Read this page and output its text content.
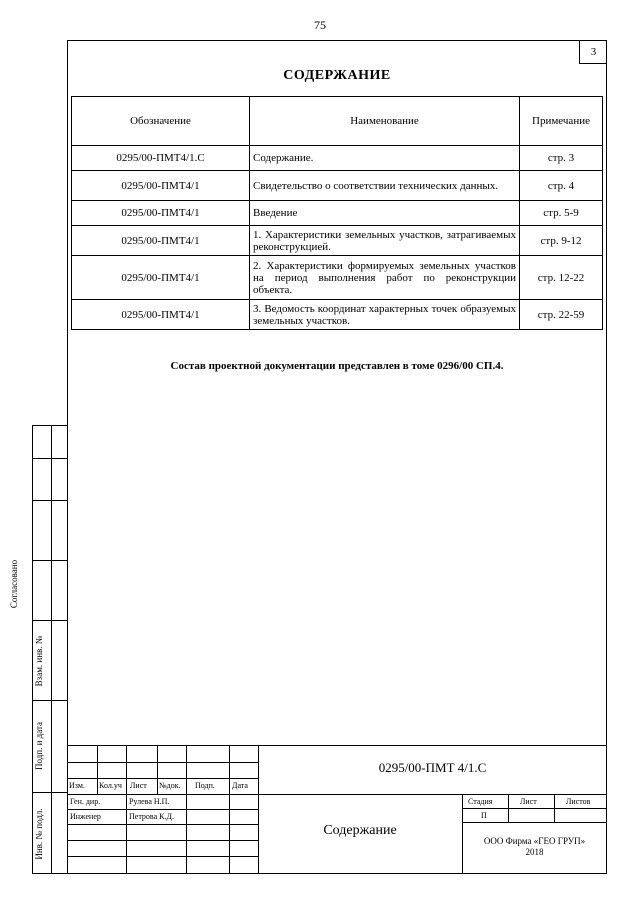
75
3
СОДЕРЖАНИЕ
Обозначение	Наименование	Примечание
0295/00-ПМТ4/1.С	Содержание.	стр. 3
0295/00-ПМТ4/1	Свидетельство о соответствии технических данных.	стр. 4
0295/00-ПМТ4/1	Введение	стр. 5-9
0295/00-ПМТ4/1	1. Характеристики земельных участков, затрагиваемых реконструкцией.	стр. 9-12
0295/00-ПМТ4/1	2. Характеристики формируемых земельных участков на период выполнения работ по реконструкции объекта.	стр. 12-22
0295/00-ПМТ4/1	3. Ведомость координат характерных точек образуемых земельных участков.	стр. 22-59
Состав проектной документации представлен в томе 0296/00 СП.4.
Согласовано
Взам. инв. №
Подп. и дата
Инв. № подл.
Изм. Кол.уч Лист №док. Подп. Дата
Ген. дир.	Рулева Н.П.
Инженер	Петрова К.Д.
0295/00-ПМТ 4/1.С
Содержание
Стадия	Лист	Листов
П
ООО Фирма «ГЕО ГРУП»
2018
